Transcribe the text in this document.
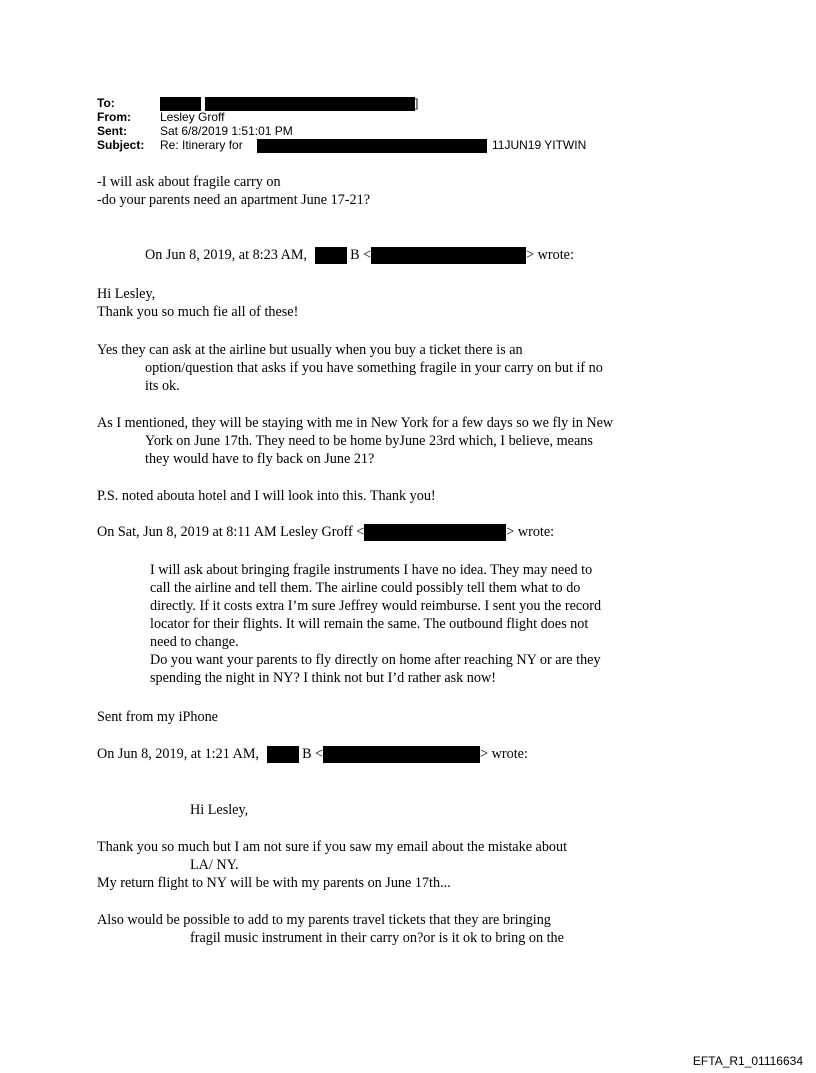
To:	]
From: Lesley Groff
Sent:	Sat 6/8/2019 1:51:01 PM
Subject: Re: Itinerary for	11JUN19 YITWIN
-I will ask about fragile carry on
-do your parents need an apartment June 17-21?
On Jun 8, 2019, at 8:23 AM,	B <	> wrote:
Hi Lesley,
Thank you so much fie all of these!
Yes they can ask at the airline but usually when you buy a ticket there is an
option/question that asks if you have something fragile in your carry on but if no
its ok.
As I mentioned, they will be staying with me in New York for a few days so we fly in New
York on June 17th. They need to be home byJune 23rd which, I believe, means
they would have to fly back on June 21?
P.S. noted abouta hotel and I will look into this. Thank you!
On Sat, Jun 8, 2019 at 8:11 AM Lesley Groff <	> wrote:
I will ask about bringing fragile instruments I have no idea. They may need to
call the airline and tell them. The airline could possibly tell them what to do
directly. If it costs extra I’m sure Jeffrey would reimburse. I sent you the record
locator for their flights. It will remain the same. The outbound flight does not
need to change.
Do you want your parents to fly directly on home after reaching NY or are they
spending the night in NY? I think not but I’d rather ask now!
Sent from my iPhone
On Jun 8, 2019, at 1:21 AM,	B <	> wrote:
Hi Lesley,
Thank you so much but I am not sure if you saw my email about the mistake about
LA/ NY.
My return flight to NY will be with my parents on June 17th...
Also would be possible to add to my parents travel tickets that they are bringing
fragil music instrument in their carry on?or is it ok to bring on the
EFTA_R1_01116634
